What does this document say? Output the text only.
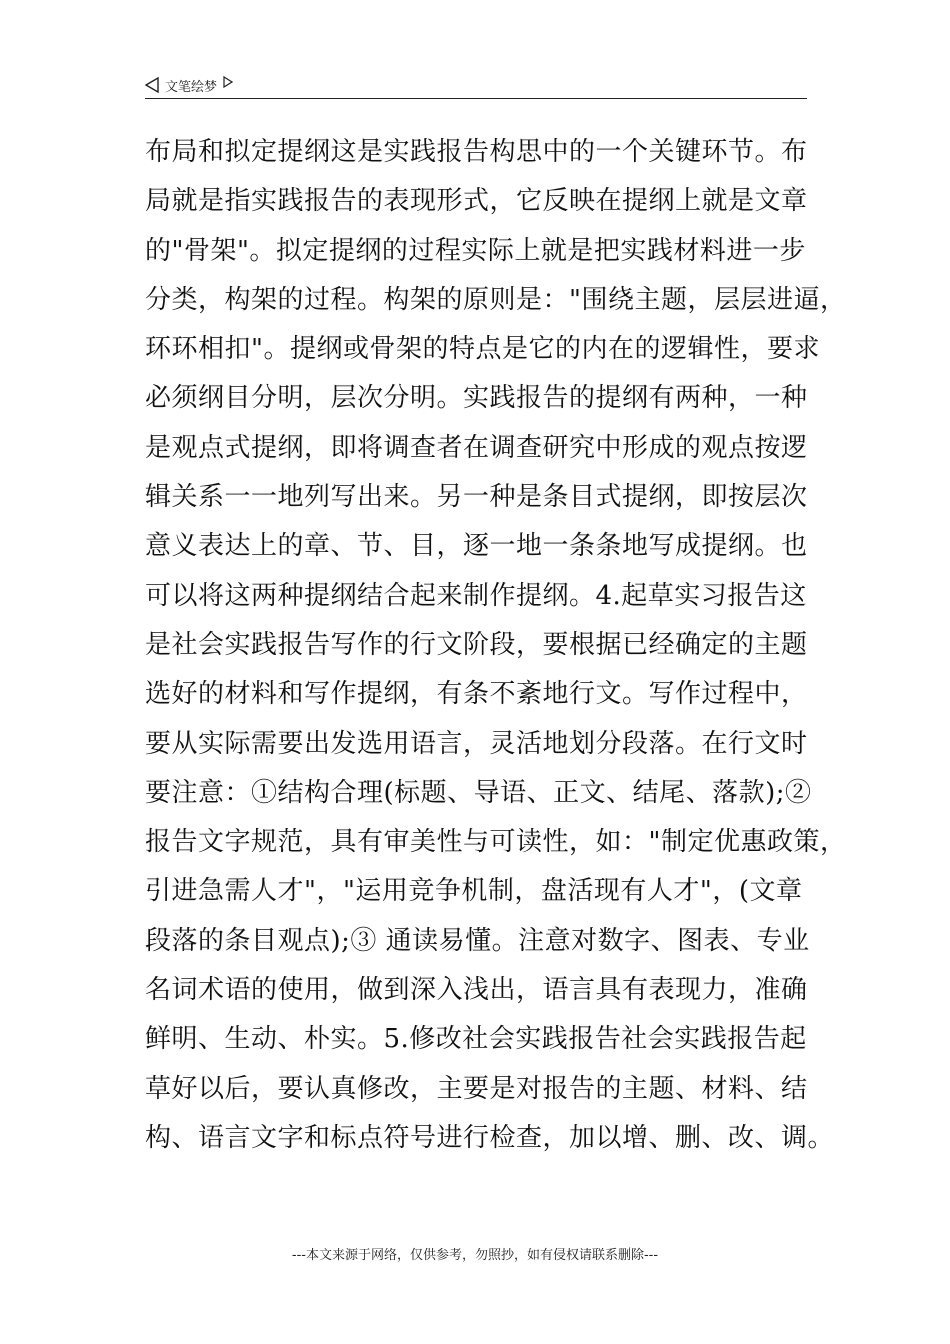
文笔绘梦
布局和拟定提纲这是实践报告构思中的一个关键环节。布
局就是指实践报告的表现形式，它反映在提纲上就是文章
的"骨架"。拟定提纲的过程实际上就是把实践材料进一步
分类，构架的过程。构架的原则是："围绕主题，层层进逼，
环环相扣"。提纲或骨架的特点是它的内在的逻辑性，要求
必须纲目分明，层次分明。实践报告的提纲有两种，一种
是观点式提纲，即将调查者在调查研究中形成的观点按逻
辑关系一一地列写出来。另一种是条目式提纲，即按层次
意义表达上的章、节、目，逐一地一条条地写成提纲。也
可以将这两种提纲结合起来制作提纲。4.起草实习报告这
是社会实践报告写作的行文阶段，要根据已经确定的主题
选好的材料和写作提纲，有条不紊地行文。写作过程中，
要从实际需要出发选用语言，灵活地划分段落。在行文时
要注意：①结构合理(标题、导语、正文、结尾、落款);②
报告文字规范，具有审美性与可读性，如："制定优惠政策，
引进急需人才"，"运用竞争机制，盘活现有人才"，(文章
段落的条目观点);③ 通读易懂。注意对数字、图表、专业
名词术语的使用，做到深入浅出，语言具有表现力，准确
鲜明、生动、朴实。5.修改社会实践报告社会实践报告起
草好以后，要认真修改，主要是对报告的主题、材料、结
构、语言文字和标点符号进行检查，加以增、删、改、调。
---本文来源于网络，仅供参考，勿照抄，如有侵权请联系删除---
